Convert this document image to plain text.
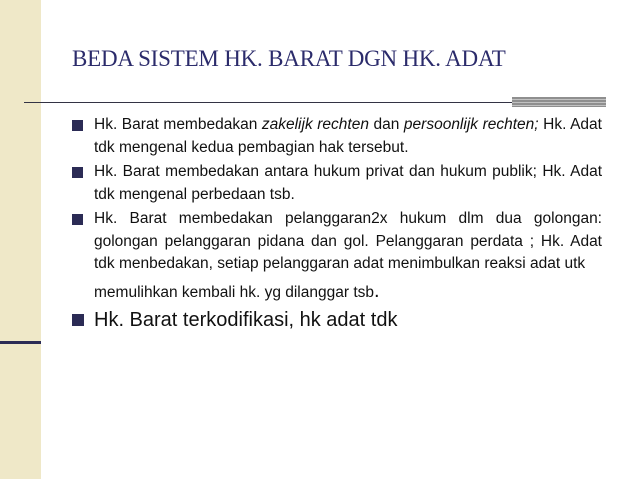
BEDA SISTEM HK. BARAT DGN HK. ADAT
Hk. Barat membedakan zakelijk rechten dan persoonlijk rechten; Hk. Adat tdk mengenal kedua pembagian hak tersebut.
Hk. Barat membedakan antara hukum privat dan hukum publik; Hk. Adat tdk mengenal perbedaan tsb.
Hk. Barat membedakan pelanggaran2x hukum dlm dua golongan: golongan pelanggaran pidana dan gol. Pelanggaran perdata ; Hk. Adat tdk menbedakan, setiap pelanggaran adat menimbulkan reaksi adat utk
memulihkan kembali hk. yg dilanggar tsb.
Hk. Barat terkodifikasi, hk adat tdk
